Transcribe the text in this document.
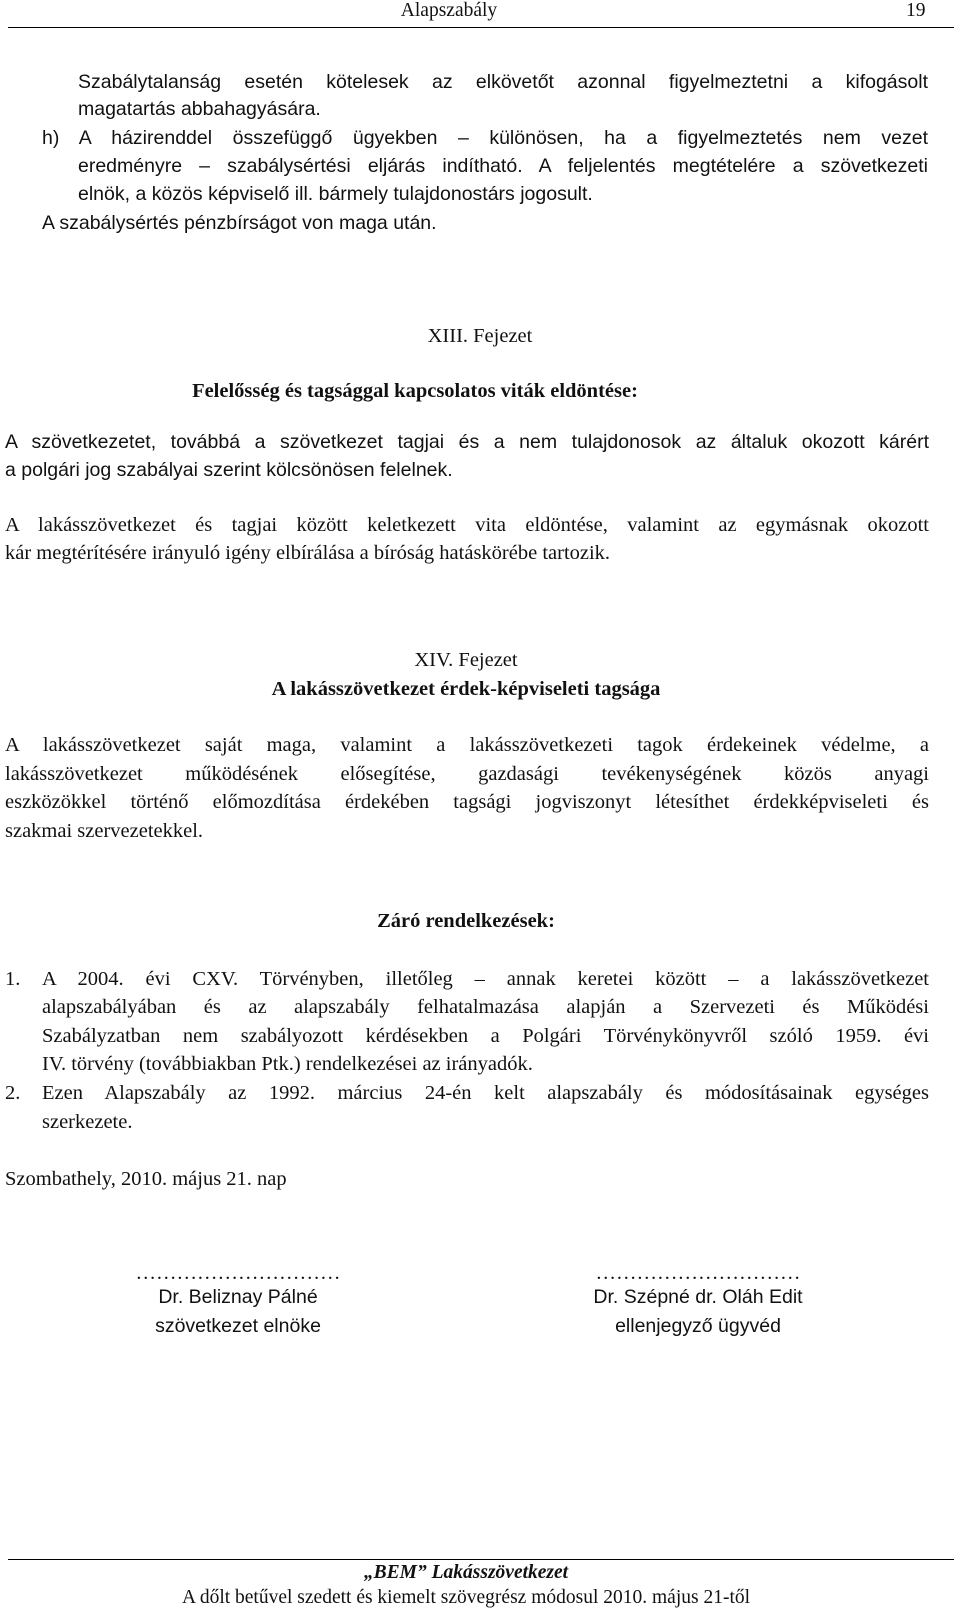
Alapszabály	19
Szabálytalanság esetén kötelesek az elkövetőt azonnal figyelmeztetni a kifogásolt
magatartás abbahagyására.
h) A házirenddel összefüggő ügyekben – különösen, ha a figyelmeztetés nem vezet
eredményre – szabálysértési eljárás indítható. A feljelentés megtételére a szövetkezeti
elnök, a közös képviselő ill. bármely tulajdonostárs jogosult.
A szabálysértés pénzbírságot von maga után.
XIII. Fejezet
Felelősség és tagsággal kapcsolatos viták eldöntése:
A szövetkezetet, továbbá a szövetkezet tagjai és a nem tulajdonosok az általuk okozott kárért
a polgári jog szabályai szerint kölcsönösen felelnek.
A lakásszövetkezet és tagjai között keletkezett vita eldöntése, valamint az egymásnak okozott
kár megtérítésére irányuló igény elbírálása a bíróság hatáskörébe tartozik.
XIV. Fejezet
A lakásszövetkezet érdek-képviseleti tagsága
A lakásszövetkezet saját maga, valamint a lakásszövetkezeti tagok érdekeinek védelme, a
lakásszövetkezet működésének elősegítése, gazdasági tevékenységének közös anyagi
eszközökkel történő előmozdítása érdekében tagsági jogviszonyt létesíthet érdekképviseleti és
szakmai szervezetekkel.
Záró rendelkezések:
1. A 2004. évi CXV. Törvényben, illetőleg – annak keretei között – a lakásszövetkezet
alapszabályában és az alapszabály felhatalmazása alapján a Szervezeti és Működési
Szabályzatban nem szabályozott kérdésekben a Polgári Törvénykönyvről szóló 1959. évi
IV. törvény (továbbiakban Ptk.) rendelkezései az irányadók.
2. Ezen Alapszabály az 1992. március 24-én kelt alapszabály és módosításainak egységes
szerkezete.
Szombathely, 2010. május 21. nap
…………………………
Dr. Beliznay Pálné
szövetkezet elnöke
…………………………
Dr. Szépné dr. Oláh Edit
ellenjegyző ügyvéd
„BEM” Lakásszövetkezet
A dőlt betűvel szedett és kiemelt szövegrész módosul 2010. május 21-től
